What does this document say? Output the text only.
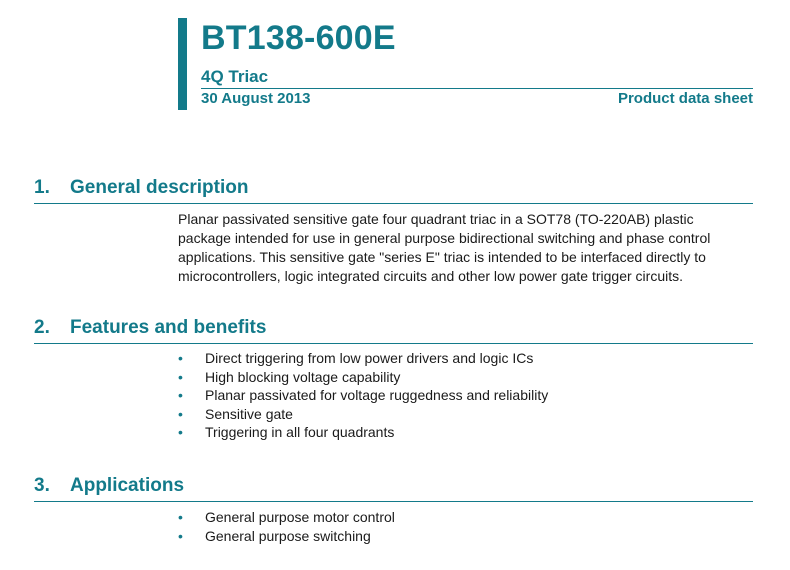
BT138-600E
4Q Triac
30 August 2013	Product data sheet
1. General description
Planar passivated sensitive gate four quadrant triac in a SOT78 (TO-220AB) plastic
package intended for use in general purpose bidirectional switching and phase control
applications. This sensitive gate "series E" triac is intended to be interfaced directly to
microcontrollers, logic integrated circuits and other low power gate trigger circuits.
2. Features and benefits
• Direct triggering from low power drivers and logic ICs
• High blocking voltage capability
• Planar passivated for voltage ruggedness and reliability
• Sensitive gate
• Triggering in all four quadrants
3. Applications
• General purpose motor control
• General purpose switching
